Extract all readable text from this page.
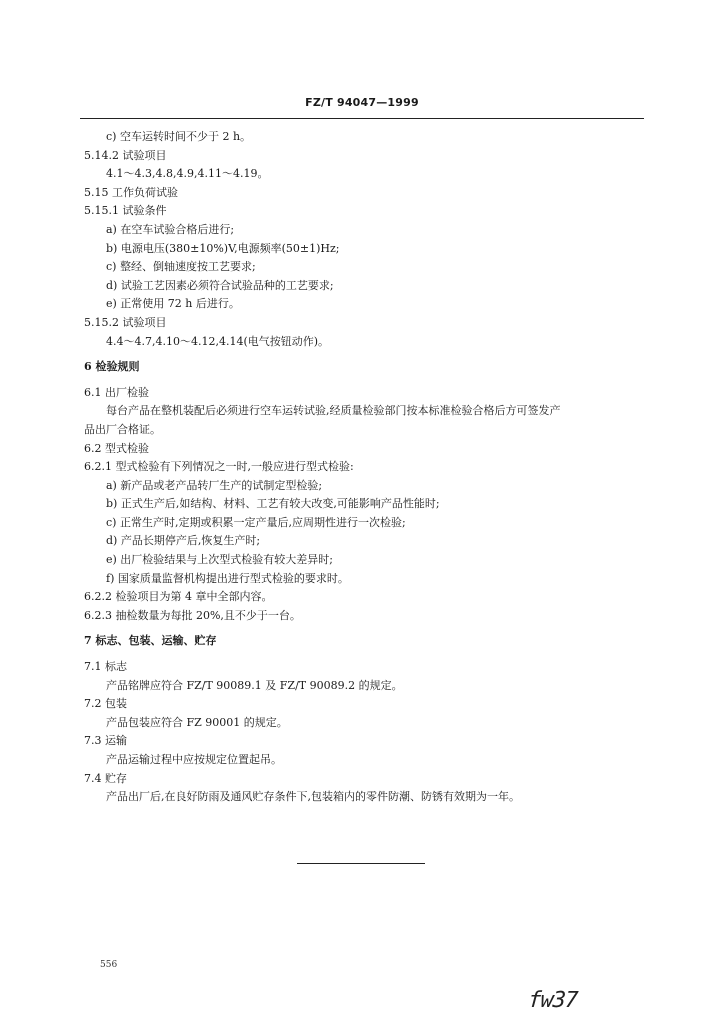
FZ/T 94047—1999
c) 空车运转时间不少于 2 h。
5.14.2 试验项目
4.1～4.3,4.8,4.9,4.11～4.19。
5.15 工作负荷试验
5.15.1 试验条件
a) 在空车试验合格后进行;
b) 电源电压(380±10%)V,电源频率(50±1)Hz;
c) 整经、倒轴速度按工艺要求;
d) 试验工艺因素必须符合试验品种的工艺要求;
e) 正常使用 72 h 后进行。
5.15.2 试验项目
4.4～4.7,4.10～4.12,4.14(电气按钮动作)。
6 检验规则
6.1 出厂检验
每台产品在整机装配后必须进行空车运转试验,经质量检验部门按本标准检验合格后方可签发产
品出厂合格证。
6.2 型式检验
6.2.1 型式检验有下列情况之一时,一般应进行型式检验:
a) 新产品或老产品转厂生产的试制定型检验;
b) 正式生产后,如结构、材料、工艺有较大改变,可能影响产品性能时;
c) 正常生产时,定期或积累一定产量后,应周期性进行一次检验;
d) 产品长期停产后,恢复生产时;
e) 出厂检验结果与上次型式检验有较大差异时;
f) 国家质量监督机构提出进行型式检验的要求时。
6.2.2 检验项目为第 4 章中全部内容。
6.2.3 抽检数量为每批 20%,且不少于一台。
7 标志、包装、运输、贮存
7.1 标志
产品铭牌应符合 FZ/T 90089.1 及 FZ/T 90089.2 的规定。
7.2 包装
产品包装应符合 FZ 90001 的规定。
7.3 运输
产品运输过程中应按规定位置起吊。
7.4 贮存
产品出厂后,在良好防雨及通风贮存条件下,包装箱内的零件防潮、防锈有效期为一年。
556
fw37
